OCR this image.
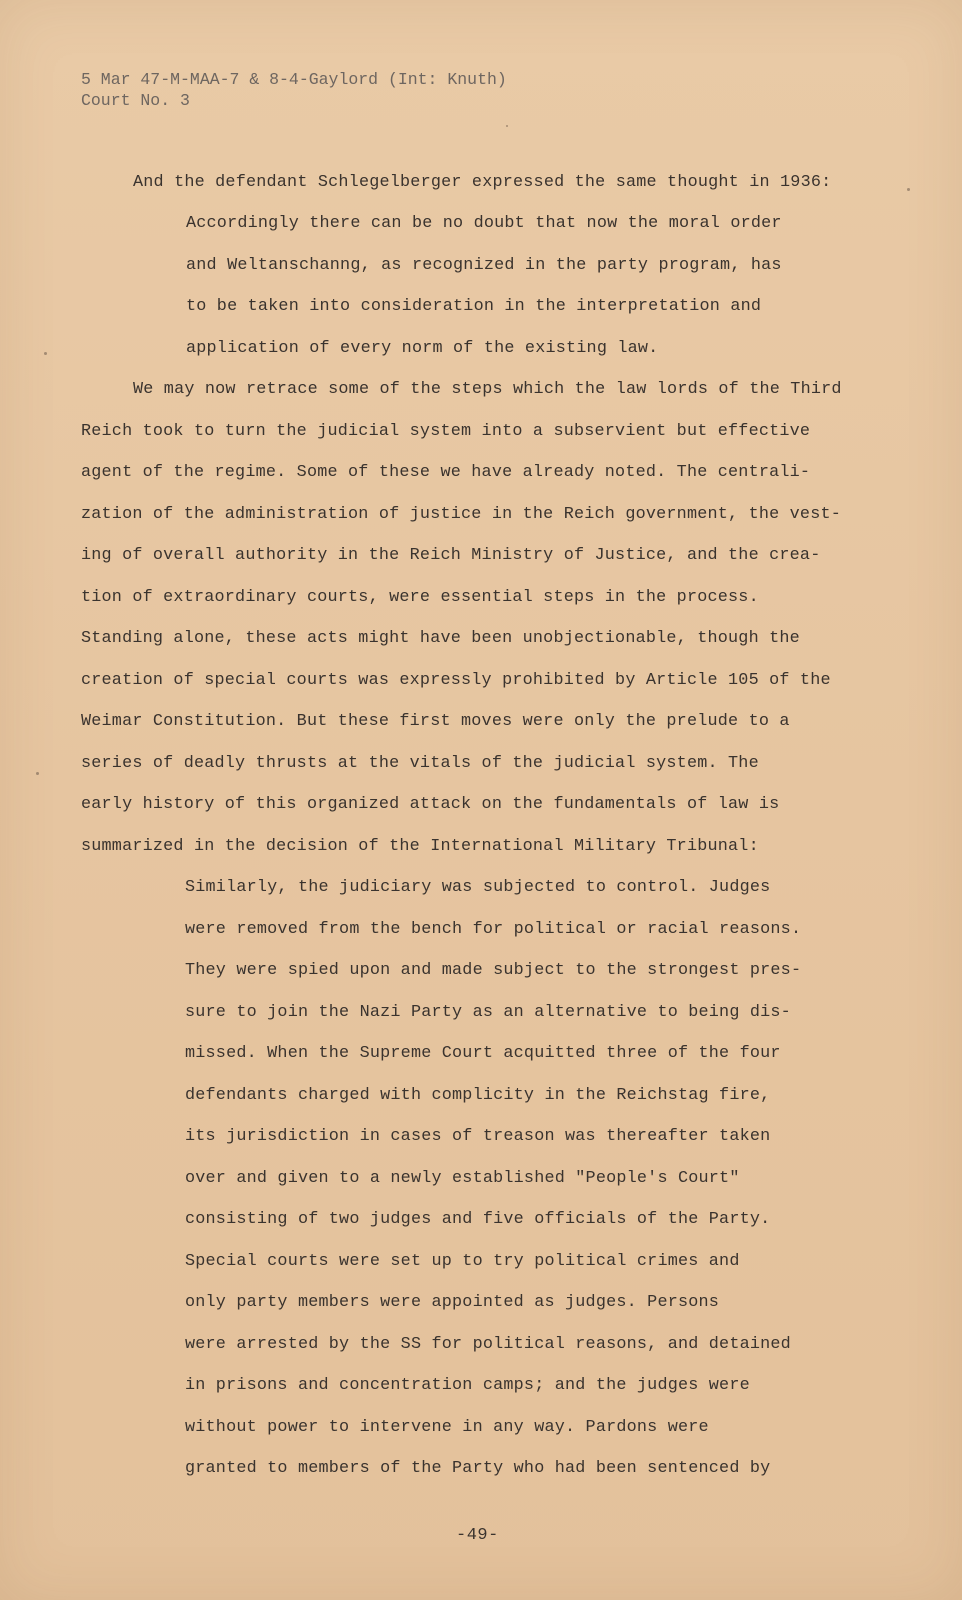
5 Mar 47-M-MAA-7 & 8-4-Gaylord (Int: Knuth)
Court No. 3
And the defendant Schlegelberger expressed the same thought in 1936:
Accordingly there can be no doubt that now the moral order
and Weltanschanng, as recognized in the party program, has
to be taken into consideration in the interpretation and
application of every norm of the existing law.
We may now retrace some of the steps which the law lords of the Third
Reich took to turn the judicial system into a subservient but effective
agent of the regime. Some of these we have already noted. The centrali-
zation of the administration of justice in the Reich government, the vest-
ing of overall authority in the Reich Ministry of Justice, and the crea-
tion of extraordinary courts, were essential steps in the process.
Standing alone, these acts might have been unobjectionable, though the
creation of special courts was expressly prohibited by Article 105 of the
Weimar Constitution. But these first moves were only the prelude to a
series of deadly thrusts at the vitals of the judicial system. The
early history of this organized attack on the fundamentals of law is
summarized in the decision of the International Military Tribunal:
Similarly, the judiciary was subjected to control. Judges
were removed from the bench for political or racial reasons.
They were spied upon and made subject to the strongest pres-
sure to join the Nazi Party as an alternative to being dis-
missed. When the Supreme Court acquitted three of the four
defendants charged with complicity in the Reichstag fire,
its jurisdiction in cases of treason was thereafter taken
over and given to a newly established "People's Court"
consisting of two judges and five officials of the Party.
Special courts were set up to try political crimes and
only party members were appointed as judges. Persons
were arrested by the SS for political reasons, and detained
in prisons and concentration camps; and the judges were
without power to intervene in any way. Pardons were
granted to members of the Party who had been sentenced by
-49-
